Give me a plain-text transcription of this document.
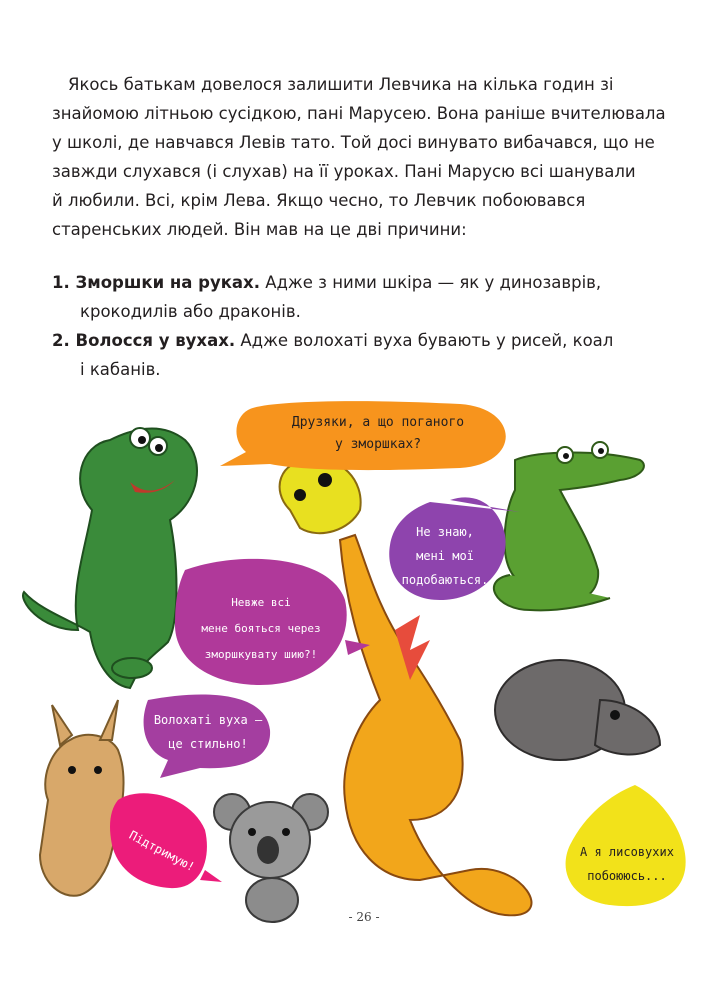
Якось батькам довелося залишити Левчика на кілька годин зі
знайомою літньою сусідкою, пані Марусею. Вона раніше вчителювала
у школі, де навчався Левів тато. Той досі винувато вибачався, що не
завжди слухався (і слухав) на її уроках. Пані Марусю всі шанували
й любили. Всі, крім Лева. Якщо чесно, то Левчик побоювався
старенських людей. Він мав на це дві причини:

1. Зморшки на руках. Адже з ними шкіра — як у динозаврів,
крокодилів або драконів.

2. Волосся у вухах. Адже волохаті вуха бувають у рисей, коал
і кабанів.

Друзяки, а що поганого
у зморшках?
Не знаю,
мені мої
подобаються.
Невже всі
мене бояться через
зморшкувату шию?!
Волохаті вуха —
це стильно!
Підтримую!	А я лисовухих
побоююсь...
- 26 -
